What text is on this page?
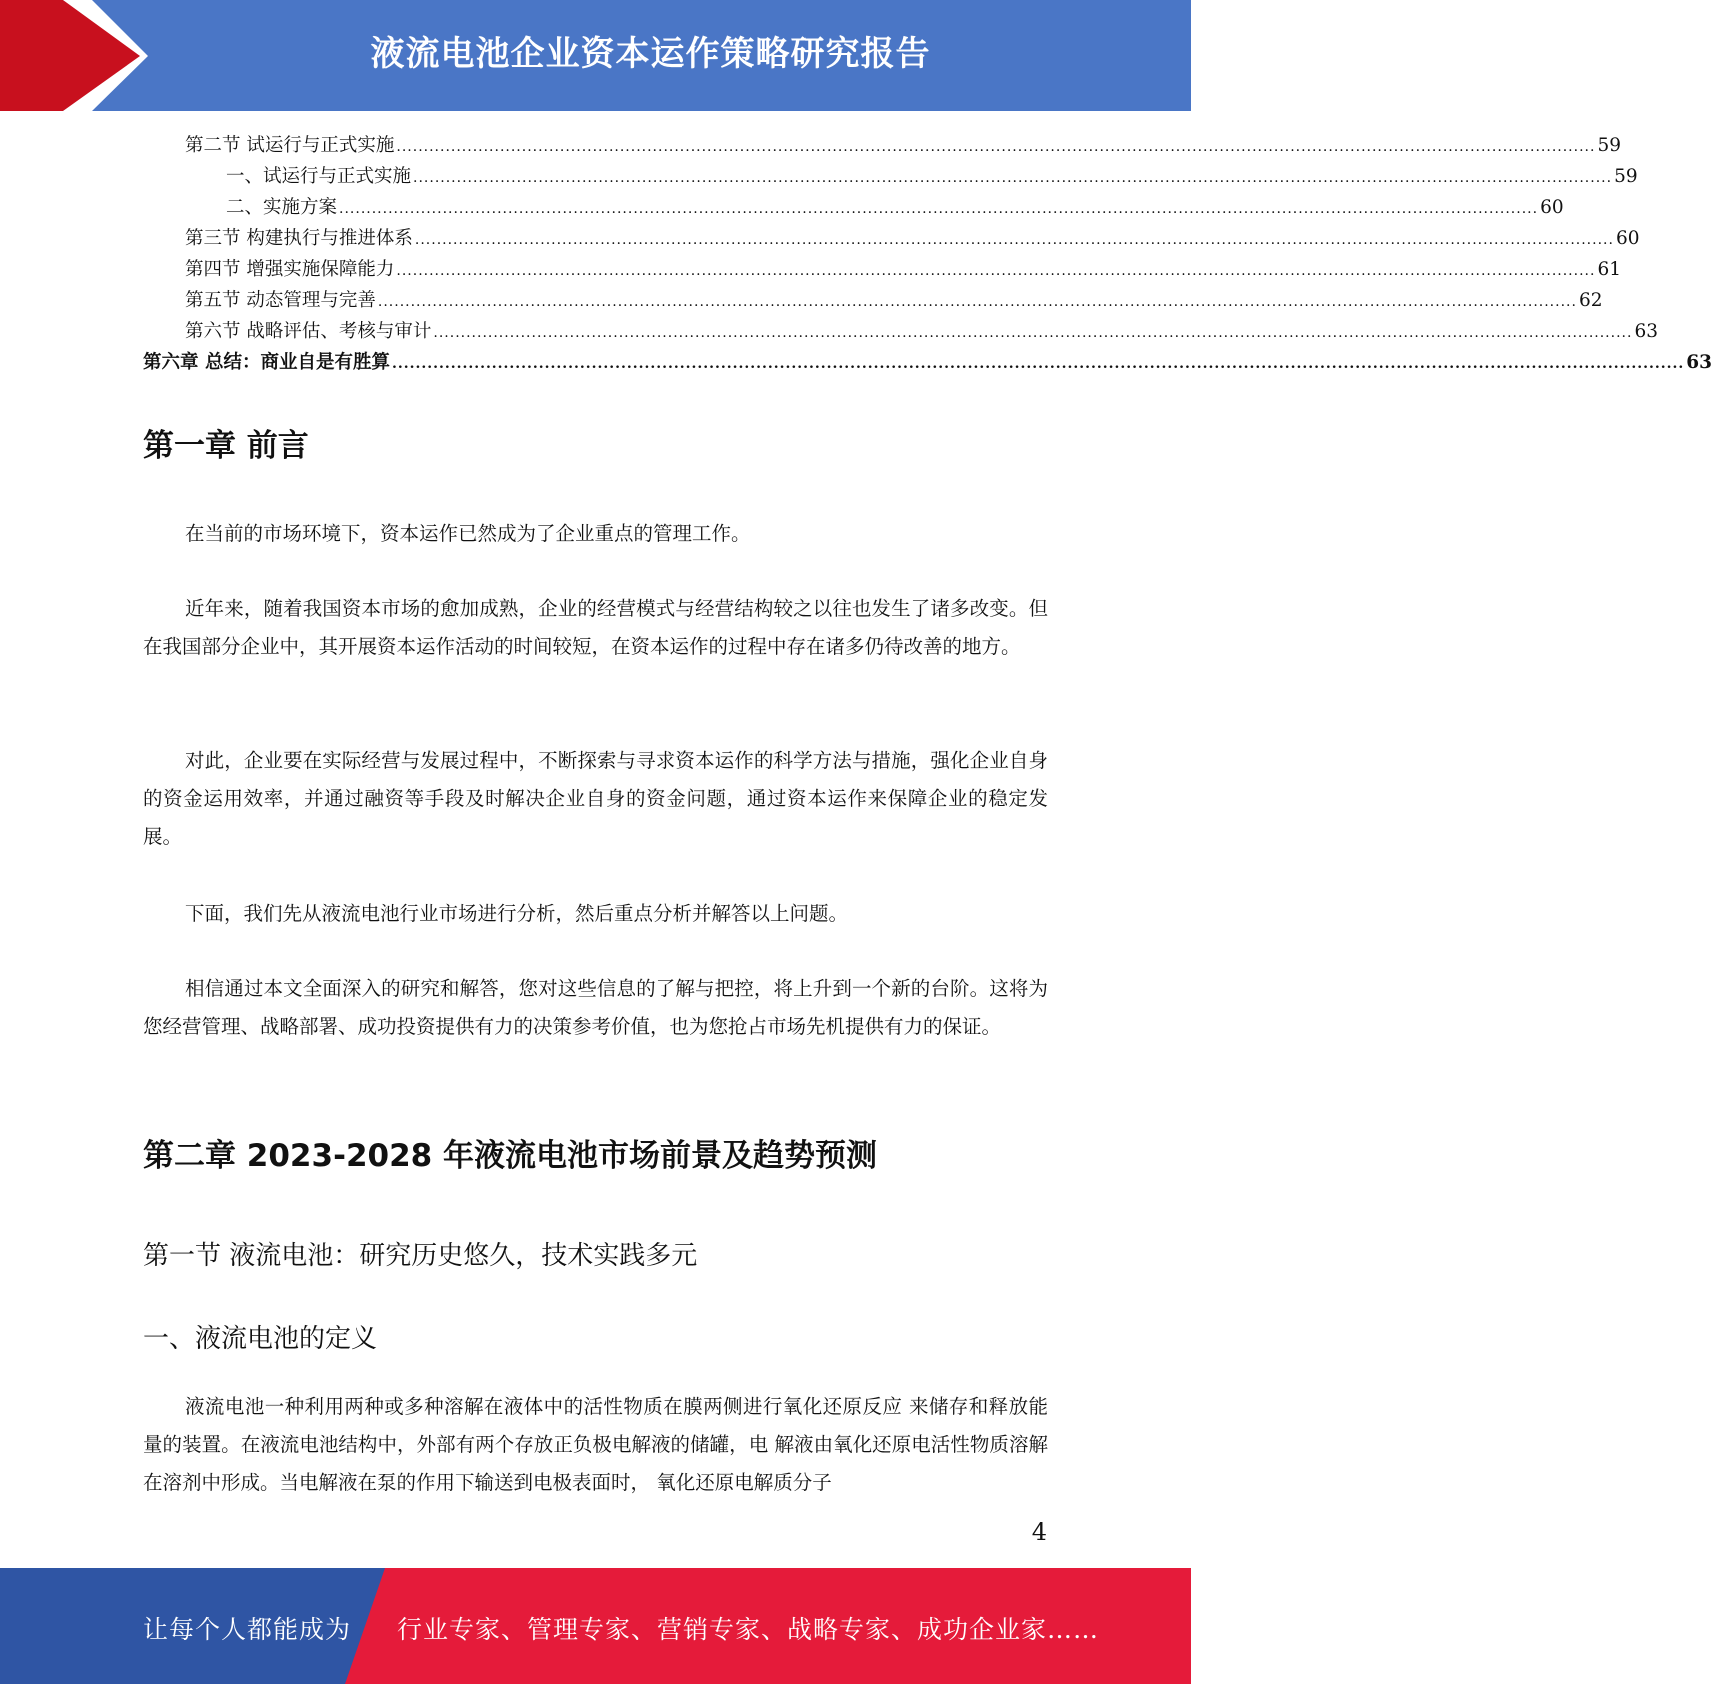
液流电池企业资本运作策略研究报告
第二节 试运行与正式实施 ............................................................................................................................................................................................................................ 59
一、试运行与正式实施 ............................................................................................................................................................................................................................ 59
二、实施方案 ............................................................................................................................................................................................................................ 60
第三节 构建执行与推进体系 ............................................................................................................................................................................................................................ 60
第四节 增强实施保障能力 ............................................................................................................................................................................................................................ 61
第五节 动态管理与完善 ............................................................................................................................................................................................................................ 62
第六节 战略评估、考核与审计 ............................................................................................................................................................................................................................ 63
第六章 总结：商业自是有胜算 ............................................................................................................................................................................................................................ 63
第一章 前言

在当前的市场环境下，资本运作已然成为了企业重点的管理工作。

近年来，随着我国资本市场的愈加成熟，企业的经营模式与经营结构较之以往也发生了诸多改变。但在我国部分企业中，其开展资本运作活动的时间较短，在资本运作的过程中存在诸多仍待改善的地方。

对此，企业要在实际经营与发展过程中，不断探索与寻求资本运作的科学方法与措施，强化企业自身的资金运用效率，并通过融资等手段及时解决企业自身的资金问题，通过资本运作来保障企业的稳定发展。

下面，我们先从液流电池行业市场进行分析，然后重点分析并解答以上问题。

相信通过本文全面深入的研究和解答，您对这些信息的了解与把控，将上升到一个新的台阶。这将为您经营管理、战略部署、成功投资提供有力的决策参考价值，也为您抢占市场先机提供有力的保证。

第二章 2023-2028 年液流电池市场前景及趋势预测
第一节 液流电池：研究历史悠久，技术实践多元
一、液流电池的定义

液流电池一种利用两种或多种溶解在液体中的活性物质在膜两侧进行氧化还原反应 来储存和释放能量的装置。在液流电池结构中，外部有两个存放正负极电解液的储罐，电 解液由氧化还原电活性物质溶解在溶剂中形成。当电解液在泵的作用下输送到电极表面时， 氧化还原电解质分子

4
让每个人都能成为 行业专家、管理专家、营销专家、战略专家、成功企业家……
